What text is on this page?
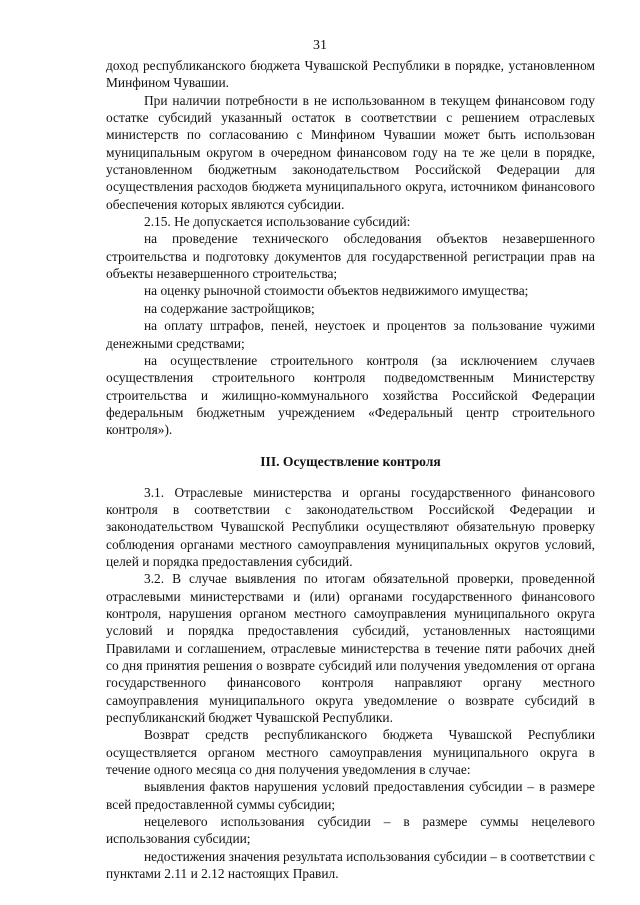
31

доход республиканского бюджета Чувашской Республики в порядке, установленном Минфином Чувашии.

При наличии потребности в не использованном в текущем финансовом году остатке субсидий указанный остаток в соответствии с решением отраслевых министерств по согласованию с Минфином Чувашии может быть использован муниципальным округом в очередном финансовом году на те же цели в порядке, установленном бюджетным законодательством Российской Федерации для осуществления расходов бюджета муниципального округа, источником финансового обеспечения которых являются субсидии.

2.15. Не допускается использование субсидий:

на проведение технического обследования объектов незавершенного строительства и подготовку документов для государственной регистрации прав на объекты незавершенного строительства;

на оценку рыночной стоимости объектов недвижимого имущества;

на содержание застройщиков;

на оплату штрафов, пеней, неустоек и процентов за пользование чужими денежными средствами;

на осуществление строительного контроля (за исключением случаев осуществления строительного контроля подведомственным Министерству строительства и жилищно-коммунального хозяйства Российской Федерации федеральным бюджетным учреждением «Федеральный центр строительного контроля»).

III. Осуществление контроля

3.1. Отраслевые министерства и органы государственного финансового контроля в соответствии с законодательством Российской Федерации и законодательством Чувашской Республики осуществляют обязательную проверку соблюдения органами местного самоуправления муниципальных округов условий, целей и порядка предоставления субсидий.

3.2. В случае выявления по итогам обязательной проверки, проведенной отраслевыми министерствами и (или) органами государственного финансового контроля, нарушения органом местного самоуправления муниципального округа условий и порядка предоставления субсидий, установленных настоящими Правилами и соглашением, отраслевые министерства в течение пяти рабочих дней со дня принятия решения о возврате субсидий или получения уведомления от органа государственного финансового контроля направляют органу местного самоуправления муниципального округа уведомление о возврате субсидий в республиканский бюджет Чувашской Республики.

Возврат средств республиканского бюджета Чувашской Республики осуществляется органом местного самоуправления муниципального округа в течение одного месяца со дня получения уведомления в случае:

выявления фактов нарушения условий предоставления субсидии – в размере всей предоставленной суммы субсидии;

нецелевого использования субсидии – в размере суммы нецелевого использования субсидии;

недостижения значения результата использования субсидии – в соответствии с пунктами 2.11 и 2.12 настоящих Правил.
